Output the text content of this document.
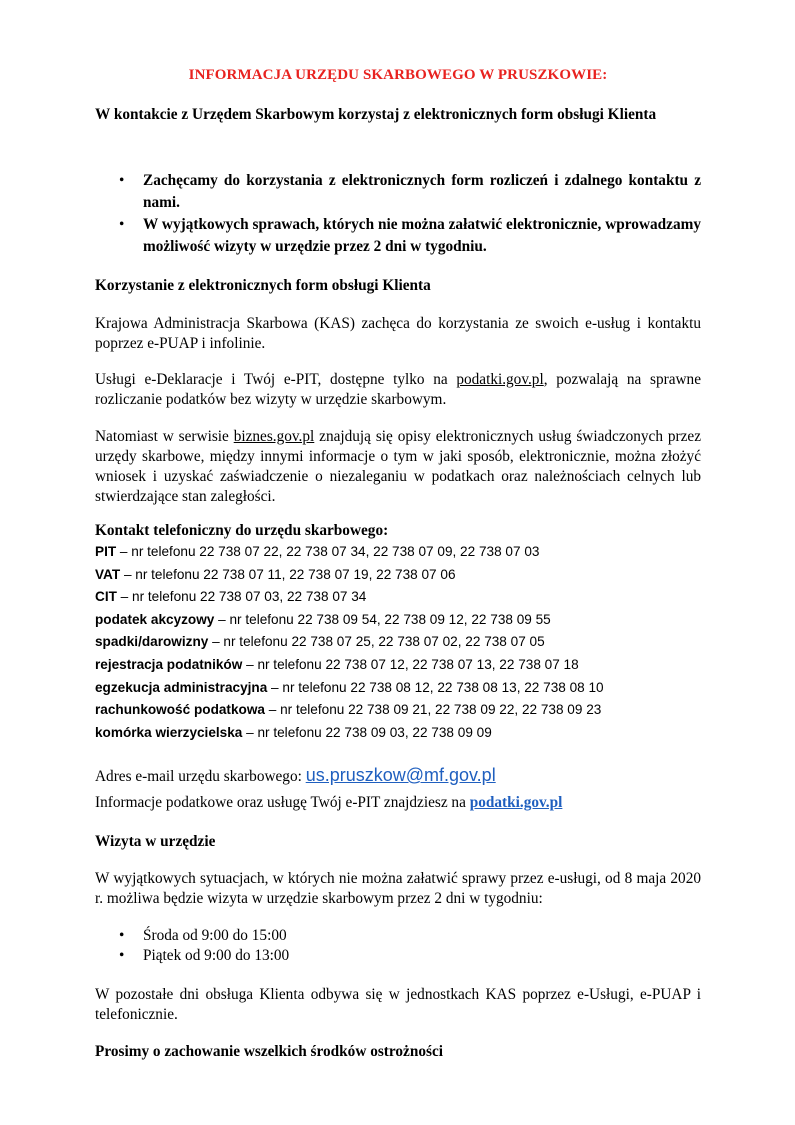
INFORMACJA URZĘDU SKARBOWEGO W PRUSZKOWIE:
W kontakcie z Urzędem Skarbowym korzystaj z elektronicznych form obsługi Klienta
• Zachęcamy do korzystania z elektronicznych form rozliczeń i zdalnego kontaktu z nami.
• W wyjątkowych sprawach, których nie można załatwić elektronicznie, wprowadzamy możliwość wizyty w urzędzie przez 2 dni w tygodniu.
Korzystanie z elektronicznych form obsługi Klienta
Krajowa Administracja Skarbowa (KAS) zachęca do korzystania ze swoich e-usług i kontaktu poprzez e-PUAP i infolinie.
Usługi e-Deklaracje i Twój e-PIT, dostępne tylko na podatki.gov.pl, pozwalają na sprawne rozliczanie podatków bez wizyty w urzędzie skarbowym.
Natomiast w serwisie biznes.gov.pl znajdują się opisy elektronicznych usług świadczonych przez urzędy skarbowe, między innymi informacje o tym w jaki sposób, elektronicznie, można złożyć wniosek i uzyskać zaświadczenie o niezaleganiu w podatkach oraz należnościach celnych lub stwierdzające stan zaległości.
Kontakt telefoniczny do urzędu skarbowego:
PIT – nr telefonu 22 738 07 22, 22 738 07 34, 22 738 07 09, 22 738 07 03
VAT – nr telefonu 22 738 07 11, 22 738 07 19, 22 738 07 06
CIT – nr telefonu 22 738 07 03, 22 738 07 34
podatek akcyzowy – nr telefonu 22 738 09 54, 22 738 09 12, 22 738 09 55
spadki/darowizny – nr telefonu 22 738 07 25, 22 738 07 02, 22 738 07 05
rejestracja podatników – nr telefonu 22 738 07 12, 22 738 07 13, 22 738 07 18
egzekucja administracyjna – nr telefonu 22 738 08 12, 22 738 08 13, 22 738 08 10
rachunkowość podatkowa – nr telefonu 22 738 09 21, 22 738 09 22, 22 738 09 23
komórka wierzycielska – nr telefonu 22 738 09 03, 22 738 09 09
Adres e-mail urzędu skarbowego: us.pruszkow@mf.gov.pl
Informacje podatkowe oraz usługę Twój e-PIT znajdziesz na podatki.gov.pl
Wizyta w urzędzie
W wyjątkowych sytuacjach, w których nie można załatwić sprawy przez e-usługi, od 8 maja 2020 r. możliwa będzie wizyta w urzędzie skarbowym przez 2 dni w tygodniu:
• Środa od 9:00 do 15:00
• Piątek od 9:00 do 13:00
W pozostałe dni obsługa Klienta odbywa się w jednostkach KAS poprzez e-Usługi, e-PUAP i telefonicznie.
Prosimy o zachowanie wszelkich środków ostrożności
